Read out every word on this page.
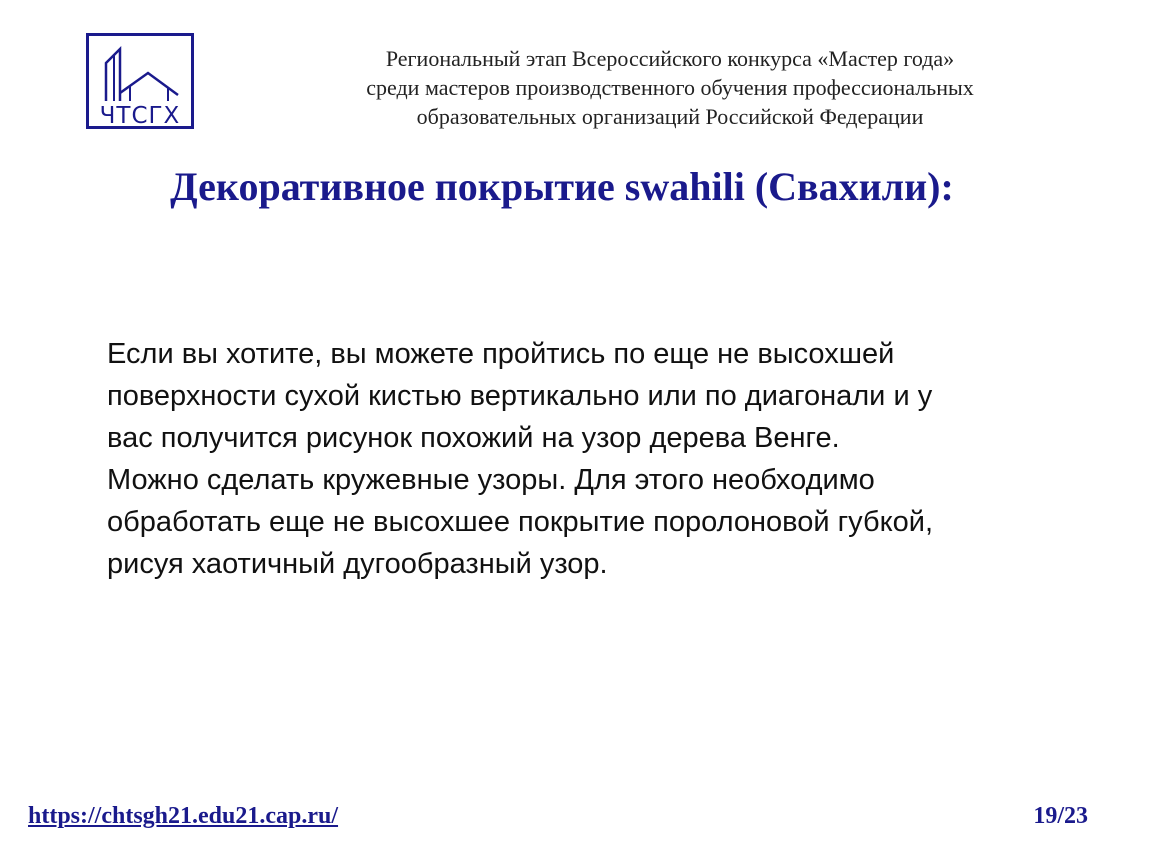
ЧТСГХ
Региональный этап Всероссийского конкурса «Мастер года»
среди мастеров производственного обучения профессиональных
образовательных организаций Российской Федерации
Декоративное покрытие swahili (Свахили):
Если вы хотите, вы можете пройтись по еще не высохшей
поверхности сухой кистью вертикально или по диагонали и у
вас получится рисунок похожий на узор дерева Венге.
Можно сделать кружевные узоры. Для этого необходимо
обработать еще не высохшее покрытие поролоновой губкой,
рисуя хаотичный дугообразный узор.
https://chtsgh21.edu21.cap.ru/	19/23
